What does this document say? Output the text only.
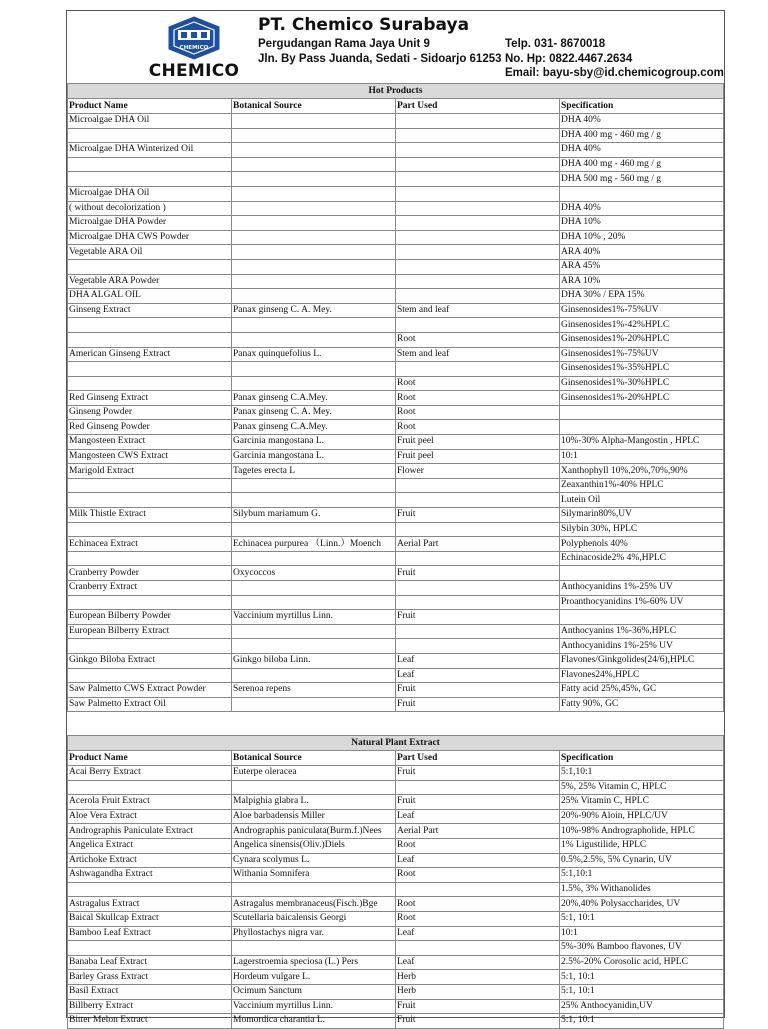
CHEMICO
CHEMICO
PT. Chemico Surabaya
Pergudangan Rama Jaya Unit 9
Jln. By Pass Juanda, Sedati - Sidoarjo 61253
Telp. 031- 8670018
No. Hp: 0822.4467.2634
Email: bayu-sby@id.chemicogroup.com
Hot Products			
Product Name	Botanical Source	Part Used	Specification
Microalgae DHA Oil			DHA 40%
			DHA 400 mg - 460 mg / g
Microalgae DHA Winterized Oil			DHA 40%
			DHA 400 mg - 460 mg / g
			DHA 500 mg - 560 mg / g
Microalgae DHA Oil			
( without decolorization )			DHA 40%
Microalgae DHA Powder			DHA 10%
Microalgae DHA CWS Powder			DHA 10% , 20%
Vegetable ARA Oil			ARA 40%
			ARA 45%
Vegetable ARA Powder			ARA 10%
DHA ALGAL OIL			DHA 30% / EPA 15%
Ginseng Extract	Panax ginseng C. A. Mey.	Stem and leaf	Ginsenosides1%-75%UV
			Ginsenosides1%-42%HPLC
		Root	Ginsenosides1%-20%HPLC
American Ginseng Extract	Panax quinquefolius L.	Stem and leaf	Ginsenosides1%-75%UV
			Ginsenosides1%-35%HPLC
		Root	Ginsenosides1%-30%HPLC
Red Ginseng Extract	Panax ginseng C.A.Mey.	Root	Ginsenosides1%-20%HPLC
Ginseng Powder	Panax ginseng C. A. Mey.	Root	
Red Ginseng Powder	Panax ginseng C.A.Mey.	Root	
Mangosteen Extract	Garcinia mangostana L.	Fruit peel	10%-30% Alpha-Mangostin , HPLC
Mangosteen CWS Extract	Garcinia mangostana L.	Fruit peel	10:1
Marigold Extract	Tagetes erecta L	Flower	Xanthophyll 10%,20%,70%,90%
			Zeaxanthin1%-40% HPLC
			Lutein Oil
Milk Thistle Extract	Silybum mariamum G.	Fruit	Silymarin80%,UV
			Silybin 30%, HPLC
Echinacea Extract	Echinacea purpurea （Linn.）Moench	Aerial Part	Polyphenols 40%
			Echinacoside2% 4%,HPLC
Cranberry Powder	Oxycoccos	Fruit	
Cranberry Extract			Anthocyanidins 1%-25% UV
			Proanthocyanidins 1%-60% UV
European Bilberry Powder	Vaccinium myrtillus Linn.	Fruit	
European Bilberry Extract			Anthocyanins 1%-36%,HPLC
			Anthocyanidins 1%-25% UV
Ginkgo Biloba Extract	Ginkgo biloba Linn.	Leaf	Flavones/Ginkgolides(24/6),HPLC
		Leaf	Flavones24%,HPLC
Saw Palmetto CWS Extract Powder	Serenoa repens	Fruit	Fatty acid 25%,45%, GC
Saw Palmetto Extract Oil		Fruit	Fatty 90%, GC
Natural Plant Extract			
Product Name	Botanical Source	Part Used	Specification
Acai Berry Extract	Euterpe oleracea	Fruit	5:1,10:1
			5%, 25% Vitamin C, HPLC
Acerola Fruit Extract	Malpighia glabra L.	Fruit	25% Vitamin C, HPLC
Aloe Vera Extract	Aloe barbadensis Miller	Leaf	20%-90% Aloin, HPLC/UV
Andrographis Paniculate Extract	Andrographis paniculata(Burm.f.)Nees	Aerial Part	10%-98% Andrographolide, HPLC
Angelica Extract	Angelica sinensis(Oliv.)Diels	Root	1% Ligustilide, HPLC
Artichoke Extract	Cynara scolymus L.	Leaf	0.5%,2.5%, 5% Cynarin, UV
Ashwagandha Extract	Withania Somnifera	Root	5:1,10:1
			1.5%, 3% Withanolides
Astragalus Extract	Astragalus membranaceus(Fisch.)Bge	Root	20%,40% Polysaccharides, UV
Baical Skullcap Extract	Scutellaria baicalensis Georgi	Root	5:1, 10:1
Bamboo Leaf Extract	Phyllostachys nigra var.	Leaf	10:1
			5%-30% Bamboo flavones, UV
Banaba Leaf Extract	Lagerstroemia speciosa (L.) Pers	Leaf	2.5%-20% Corosolic acid, HPLC
Barley Grass Extract	Hordeum vulgare L.	Herb	5:1, 10:1
Basil Extract	Ocimum Sanctum	Herb	5:1, 10:1
Billberry Extract	Vaccinium myrtillus Linn.	Fruit	25% Anthocyanidin,UV
Bitter Melon Extract	Momordica charantia L.	Fruit	5:1, 10:1
